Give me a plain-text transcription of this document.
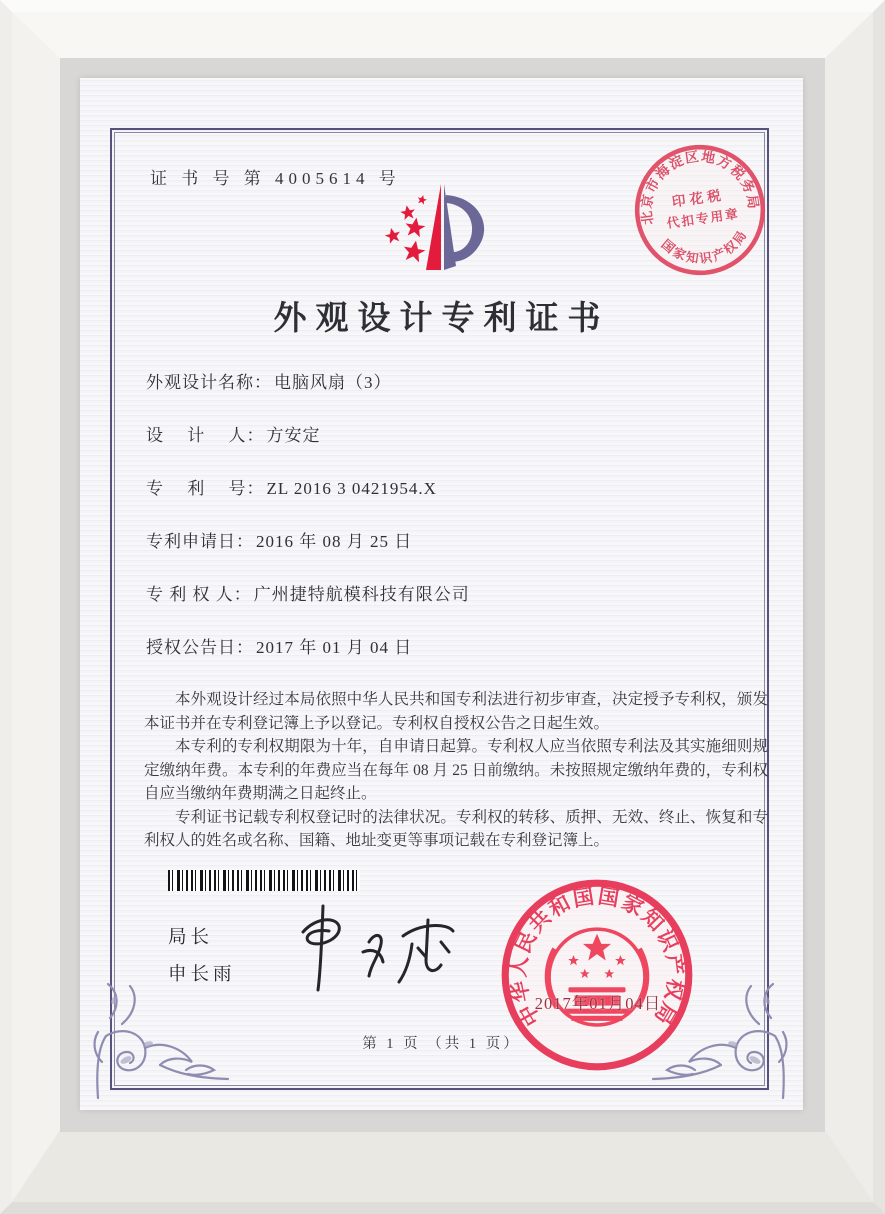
证 书 号 第 4005614 号
北京市海淀区地方税务局
国家知识产权局
印花税
代扣专用章
外观设计专利证书
外观设计名称： 电脑风扇（3）
设　 计　 人： 方安定
专　 利　 号： ZL 2016 3 0421954.X
专利申请日： 2016 年 08 月 25 日
专 利 权 人： 广州捷特航模科技有限公司
授权公告日： 2017 年 01 月 04 日

本外观设计经过本局依照中华人民共和国专利法进行初步审查，决定授予专利权，颁发本证书并在专利登记簿上予以登记。专利权自授权公告之日起生效。

本专利的专利权期限为十年，自申请日起算。专利权人应当依照专利法及其实施细则规定缴纳年费。本专利的年费应当在每年 08 月 25 日前缴纳。未按照规定缴纳年费的，专利权自应当缴纳年费期满之日起终止。

专利证书记载专利权登记时的法律状况。专利权的转移、质押、无效、终止、恢复和专利权人的姓名或名称、国籍、地址变更等事项记载在专利登记簿上。

局长
申长雨
中华人民共和国国家知识产权局
2017年01月04日
第 1 页 （共 1 页）
